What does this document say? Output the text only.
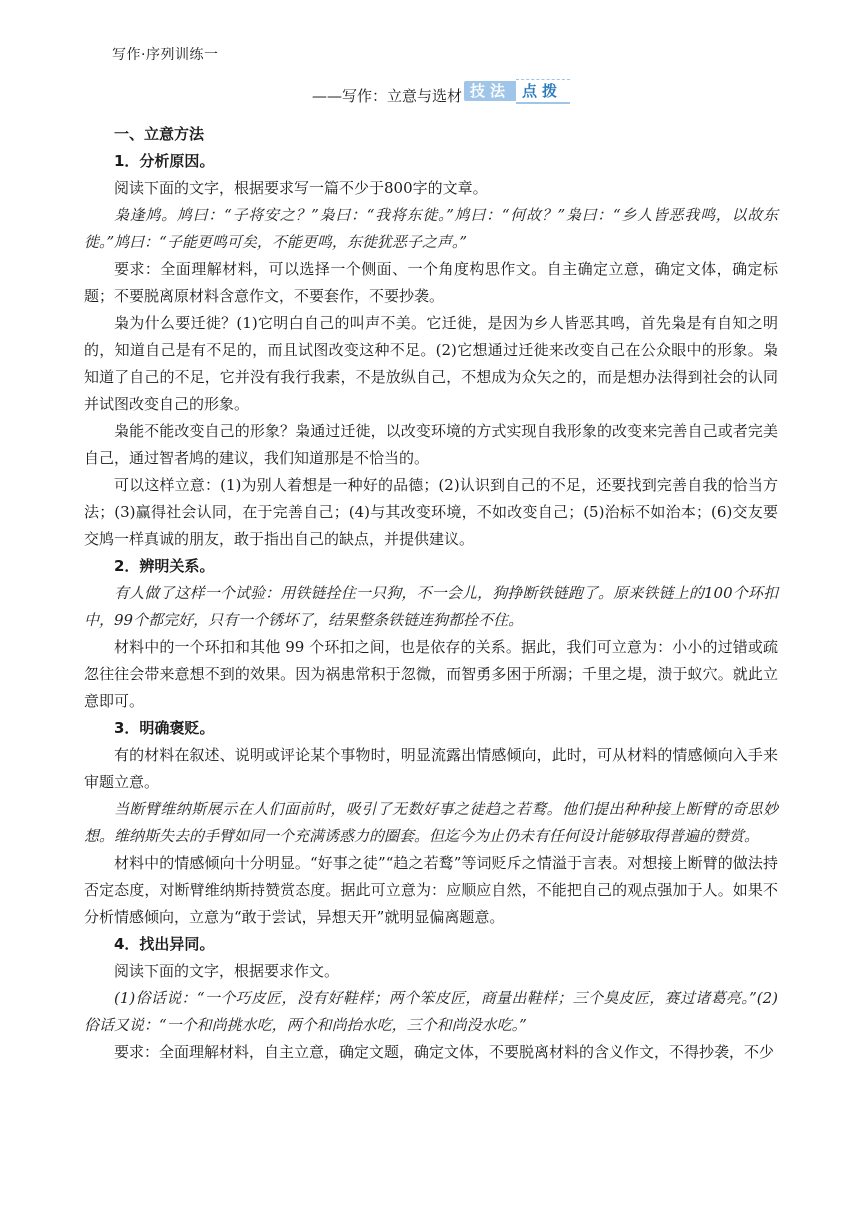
写作·序列训练一
——写作：立意与选材 技法 点拨

一、立意方法

1．分析原因。

阅读下面的文字，根据要求写一篇不少于800字的文章。

枭逢鸠。鸠曰：“子将安之？”枭曰：“我将东徙。”鸠曰：“何故？”枭曰：“乡人皆恶我鸣，以故东徙。”鸠曰：“子能更鸣可矣，不能更鸣，东徙犹恶子之声。”

要求：全面理解材料，可以选择一个侧面、一个角度构思作文。自主确定立意，确定文体，确定标题；不要脱离原材料含意作文，不要套作，不要抄袭。

枭为什么要迁徙？(1)它明白自己的叫声不美。它迁徙，是因为乡人皆恶其鸣，首先枭是有自知之明的，知道自己是有不足的，而且试图改变这种不足。(2)它想通过迁徙来改变自己在公众眼中的形象。枭知道了自己的不足，它并没有我行我素，不是放纵自己，不想成为众矢之的，而是想办法得到社会的认同并试图改变自己的形象。

枭能不能改变自己的形象？枭通过迁徙，以改变环境的方式实现自我形象的改变来完善自己或者完美自己，通过智者鸠的建议，我们知道那是不恰当的。

可以这样立意：(1)为别人着想是一种好的品德；(2)认识到自己的不足，还要找到完善自我的恰当方法；(3)赢得社会认同，在于完善自己；(4)与其改变环境，不如改变自己；(5)治标不如治本；(6)交友要交鸠一样真诚的朋友，敢于指出自己的缺点，并提供建议。

2．辨明关系。

有人做了这样一个试验：用铁链拴住一只狗，不一会儿，狗挣断铁链跑了。原来铁链上的100个环扣中，99个都完好，只有一个锈坏了，结果整条铁链连狗都拴不住。

材料中的一个环扣和其他 99 个环扣之间，也是依存的关系。据此，我们可立意为：小小的过错或疏忽往往会带来意想不到的效果。因为祸患常积于忽微，而智勇多困于所溺；千里之堤，溃于蚁穴。就此立意即可。

3．明确褒贬。

有的材料在叙述、说明或评论某个事物时，明显流露出情感倾向，此时，可从材料的情感倾向入手来审题立意。

当断臂维纳斯展示在人们面前时，吸引了无数好事之徒趋之若鹜。他们提出种种接上断臂的奇思妙想。维纳斯失去的手臂如同一个充满诱惑力的圈套。但迄今为止仍未有任何设计能够取得普遍的赞赏。

材料中的情感倾向十分明显。“好事之徒”“趋之若鹜”等词贬斥之情溢于言表。对想接上断臂的做法持否定态度，对断臂维纳斯持赞赏态度。据此可立意为：应顺应自然，不能把自己的观点强加于人。如果不分析情感倾向，立意为“敢于尝试，异想天开”就明显偏离题意。

4．找出异同。

阅读下面的文字，根据要求作文。

(1)俗话说：“一个巧皮匠，没有好鞋样；两个笨皮匠，商量出鞋样；三个臭皮匠，赛过诸葛亮。”(2)俗话又说：“一个和尚挑水吃，两个和尚抬水吃，三个和尚没水吃。”

要求：全面理解材料，自主立意，确定文题，确定文体，不要脱离材料的含义作文，不得抄袭，不少
